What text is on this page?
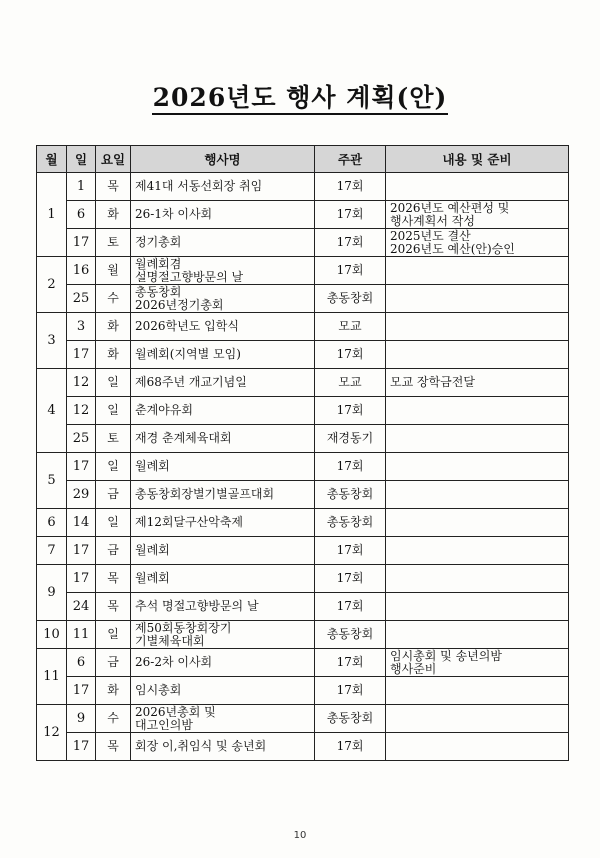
2026년도 행사 계획(안)
월	일	요일	행사명	주관	내용 및 준비
1	1	목	제41대 서동선회장 취임	17회	
	6	화	26-1차 이사회	17회	2026년도 예산편성 및
행사계획서 작성

	17	토	정기총회	17회	2025년도 결산
2026년도 예산(안)승인

2	16	월	월례회겸
설명절고향방문의 날	17회	
	25	수	총동창회
2026년정기총회	총동창회	
3	3	화	2026학년도 입학식	모교	
	17	화	월례회(지역별 모임)	17회	
4	12	일	제68주년 개교기념일	모교	모교 장학금전달

	12	일	춘계야유회	17회	
	25	토	재경 춘계체육대회	재경동기	
5	17	일	월례회	17회	
	29	금	총동창회장별기별골프대회	총동창회	
6	14	일	제12회달구산악축제	총동창회	
7	17	금	월례회	17회	
9	17	목	월례회	17회	
	24	목	추석 명절고향방문의 날	17회	
10	11	일	제50회동창회장기
기별체육대회	총동창회	
11	6	금	26-2차 이사회	17회	임시총회 및 송년의밤
행사준비

	17	화	임시총회	17회	
12	9	수	2026년총회 및
대고인의밤	총동창회	
	17	목	회장 이,취임식 및 송년회	17회	
10
